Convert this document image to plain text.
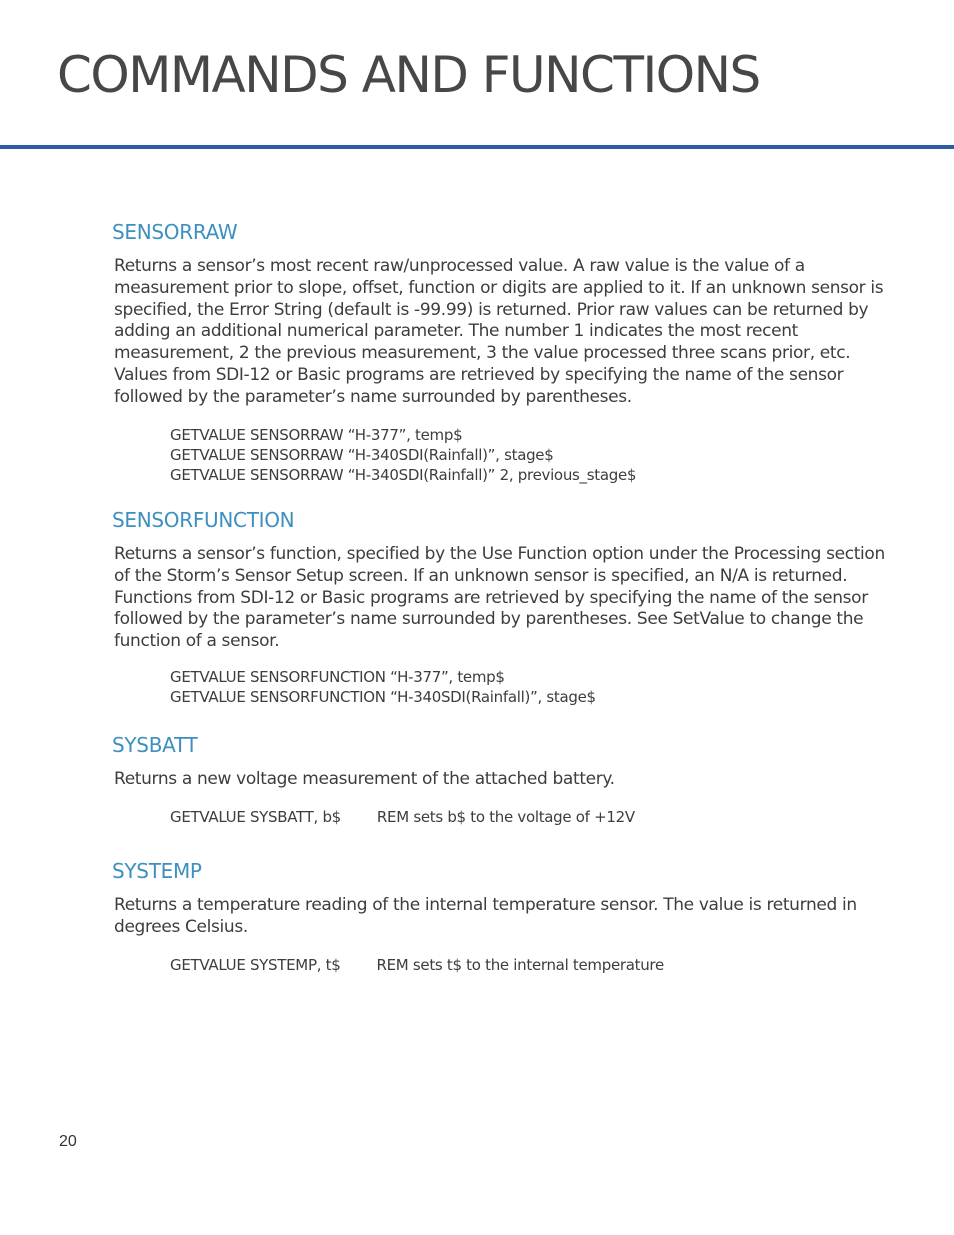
COMMANDS AND FUNCTIONS
SENSORRAW

Returns a sensor’s most recent raw/unprocessed value. A raw value is the value of a measurement prior to slope, offset, function or digits are applied to it. If an unknown sensor is specified, the Error String (default is -99.99) is returned. Prior raw values can be returned by adding an additional numerical parameter. The number 1 indicates the most recent measurement, 2 the previous measurement, 3 the value processed three scans prior, etc. Values from SDI-12 or Basic programs are retrieved by specifying the name of the sensor followed by the parameter’s name surrounded by parentheses.

GETVALUE SENSORRAW “H-377”, temp$
GETVALUE SENSORRAW “H-340SDI(Rainfall)”, stage$
GETVALUE SENSORRAW “H-340SDI(Rainfall)” 2, previous_stage$
SENSORFUNCTION

Returns a sensor’s function, specified by the Use Function option under the Processing section of the Storm’s Sensor Setup screen. If an unknown sensor is specified, an N/A is returned. Functions from SDI-12 or Basic programs are retrieved by specifying the name of the sensor followed by the parameter’s name surrounded by parentheses. See SetValue to change the function of a sensor.

GETVALUE SENSORFUNCTION “H-377”, temp$
GETVALUE SENSORFUNCTION “H-340SDI(Rainfall)”, stage$
SYSBATT

Returns a new voltage measurement of the attached battery.

GETVALUE SYSBATT, b$ REM sets b$ to the voltage of +12V
SYSTEMP

Returns a temperature reading of the internal temperature sensor. The value is returned in degrees Celsius.

GETVALUE SYSTEMP, t$ REM sets t$ to the internal temperature
20
